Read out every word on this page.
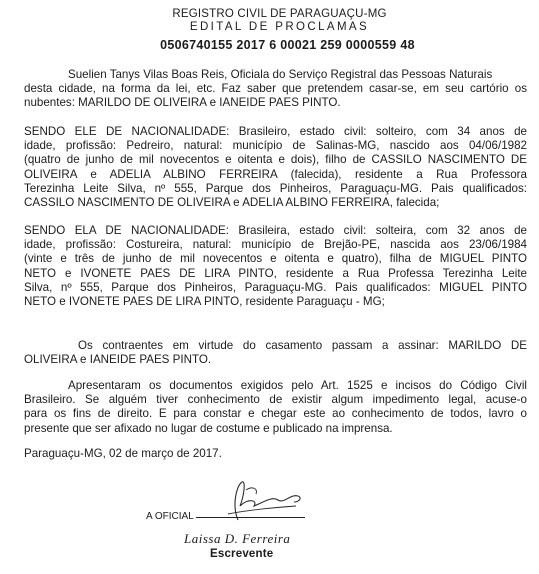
REGISTRO CIVIL DE PARAGUAÇU-MG
EDITAL DE PROCLAMAS
0506740155 2017 6 00021 259 0000559 48
Suelien Tanys Vilas Boas Reis, Oficiala do Serviço Registral das Pessoas Naturais
desta cidade, na forma da lei, etc. Faz saber que pretendem casar-se, em seu cartório os
nubentes: MARILDO DE OLIVEIRA e IANEIDE PAES PINTO.
SENDO ELE DE NACIONALIDADE: Brasileiro, estado civil: solteiro, com 34 anos de
idade, profissão: Pedreiro, natural: município de Salinas-MG, nascido aos 04/06/1982
(quatro de junho de mil novecentos e oitenta e dois), filho de CASSILO NASCIMENTO DE
OLIVEIRA e ADELIA ALBINO FERREIRA (falecida), residente a Rua Professora
Terezinha Leite Silva, nº 555, Parque dos Pinheiros, Paraguaçu-MG. Pais qualificados:
CASSILO NASCIMENTO DE OLIVEIRA e ADELIA ALBINO FERREIRA, falecida;
SENDO ELA DE NACIONALIDADE: Brasileira, estado civil: solteira, com 32 anos de
idade, profissão: Costureira, natural: município de Brejão-PE, nascida aos 23/06/1984
(vinte e três de junho de mil novecentos e oitenta e quatro), filha de MIGUEL PINTO
NETO e IVONETE PAES DE LIRA PINTO, residente a Rua Professa Terezinha Leite
Silva, nº 555, Parque dos Pinheiros, Paraguaçu-MG. Pais qualificados: MIGUEL PINTO
NETO e IVONETE PAES DE LIRA PINTO, residente Paraguaçu - MG;
Os contraentes em virtude do casamento passam a assinar: MARILDO DE
OLIVEIRA e IANEIDE PAES PINTO.
Apresentaram os documentos exigidos pelo Art. 1525 e incisos do Código Civil
Brasileiro. Se alguém tiver conhecimento de existir algum impedimento legal, acuse-o
para os fins de direito. E para constar e chegar este ao conhecimento de todos, lavro o
presente que ser afixado no lugar de costume e publicado na imprensa.
Paraguaçu-MG, 02 de março de 2017.
A OFICIAL
Laissa D. Ferreira
Escrevente
